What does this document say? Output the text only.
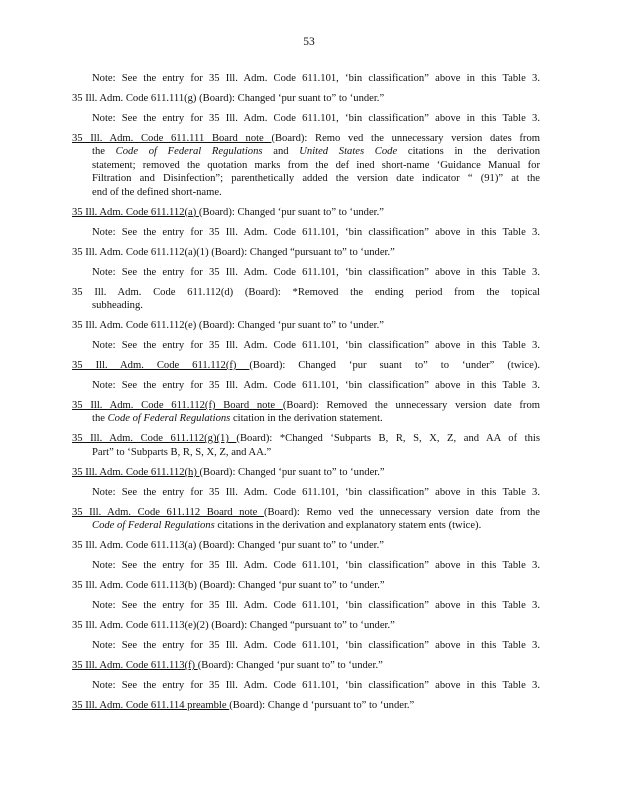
53
Note: See the entry for 35 Ill. Adm. Code 611.101, ‘bin classification” above in this Table 3.
35 Ill. Adm. Code 611.111(g) (Board): Changed ‘pur suant to” to ‘under.”
Note: See the entry for 35 Ill. Adm. Code 611.101, ‘bin classification” above in this Table 3.
35 Ill. Adm. Code 611.111 Board note (Board): Remo ved the unnecessary version dates from
the Code of Federal Regulations and United States Code citations in the derivation
statement; removed the quotation marks from the def ined short-name ‘Guidance Manual for
Filtration and Disinfection”; parenthetically added the version date indicator “ (91)” at the
end of the defined short-name.
35 Ill. Adm. Code 611.112(a) (Board): Changed ‘pur suant to” to ‘under.”
Note: See the entry for 35 Ill. Adm. Code 611.101, ‘bin classification” above in this Table 3.
35 Ill. Adm. Code 611.112(a)(1) (Board): Changed “pursuant to” to ‘under.”
Note: See the entry for 35 Ill. Adm. Code 611.101, ‘bin classification” above in this Table 3.
35 Ill. Adm. Code 611.112(d) (Board): *Removed the ending period from the topical
subheading.
35 Ill. Adm. Code 611.112(e) (Board): Changed ‘pur suant to” to ‘under.”
Note: See the entry for 35 Ill. Adm. Code 611.101, ‘bin classification” above in this Table 3.
35 Ill. Adm. Code 611.112(f) (Board): Changed ‘pur suant to” to ‘under” (twice).
Note: See the entry for 35 Ill. Adm. Code 611.101, ‘bin classification” above in this Table 3.
35 Ill. Adm. Code 611.112(f) Board note (Board): Removed the unnecessary version date from
the Code of Federal Regulations citation in the derivation statement.
35 Ill. Adm. Code 611.112(g)(1) (Board): *Changed ‘Subparts B, R, S, X, Z, and AA of this
Part” to ‘Subparts B, R, S, X, Z, and AA.”
35 Ill. Adm. Code 611.112(h) (Board): Changed ‘pur suant to” to ‘under.”
Note: See the entry for 35 Ill. Adm. Code 611.101, ‘bin classification” above in this Table 3.
35 Ill. Adm. Code 611.112 Board note (Board): Remo ved the unnecessary version date from the
Code of Federal Regulations citations in the derivation and explanatory statem ents (twice).
35 Ill. Adm. Code 611.113(a) (Board): Changed ‘pur suant to” to ‘under.”
Note: See the entry for 35 Ill. Adm. Code 611.101, ‘bin classification” above in this Table 3.
35 Ill. Adm. Code 611.113(b) (Board): Changed ‘pur suant to” to ‘under.”
Note: See the entry for 35 Ill. Adm. Code 611.101, ‘bin classification” above in this Table 3.
35 Ill. Adm. Code 611.113(e)(2) (Board): Changed “pursuant to” to ‘under.”
Note: See the entry for 35 Ill. Adm. Code 611.101, ‘bin classification” above in this Table 3.
35 Ill. Adm. Code 611.113(f) (Board): Changed ‘pur suant to” to ‘under.”
Note: See the entry for 35 Ill. Adm. Code 611.101, ‘bin classification” above in this Table 3.
35 Ill. Adm. Code 611.114 preamble (Board): Change d ‘pursuant to” to ‘under.”
